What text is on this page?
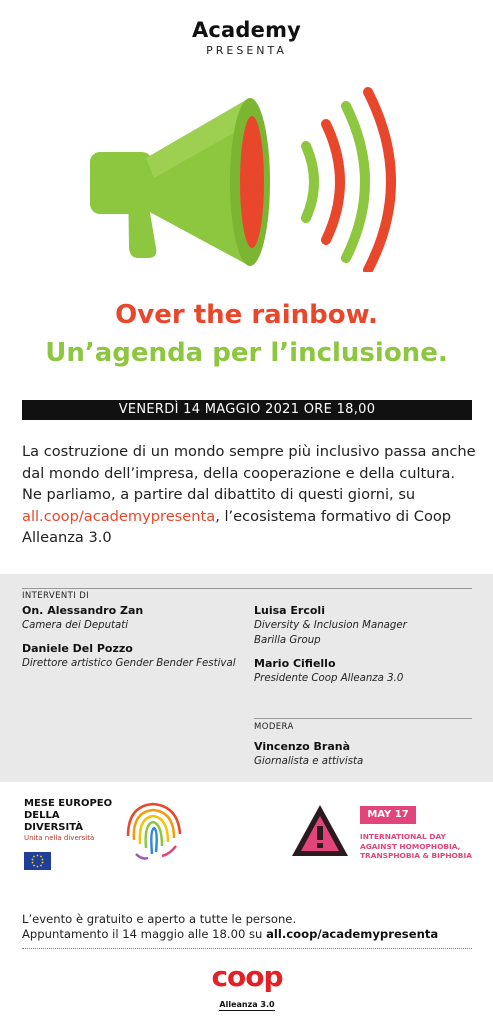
Academy
PRESENTA
Over the rainbow.
Un’agenda per l’inclusione.
VENERDÌ 14 MAGGIO 2021 ORE 18,00
La costruzione di un mondo sempre più inclusivo passa anche dal mondo dell’impresa, della cooperazione e della cultura. Ne parliamo, a partire dal dibattito di questi giorni, su all.coop/academypresenta, l’ecosistema formativo di Coop Alleanza 3.0
INTERVENTI DI
On. Alessandro Zan
Camera dei Deputati
Daniele Del Pozzo
Direttore artistico Gender Bender Festival
Luisa Ercoli
Diversity & Inclusion Manager
Barilla Group
Mario Cifiello
Presidente Coop Alleanza 3.0
MODERA
Vincenzo Branà
Giornalista e attivista
MESE EUROPEO DELLA DIVERSITÀ
Unita nella diversità
MAY 17
INTERNATIONAL DAY AGAINST HOMOPHOBIA, TRANSPHOBIA & BIPHOBIA
L’evento è gratuito e aperto a tutte le persone.
Appuntamento il 14 maggio alle 18.00 su all.coop/academypresenta
coop
Alleanza 3.0
